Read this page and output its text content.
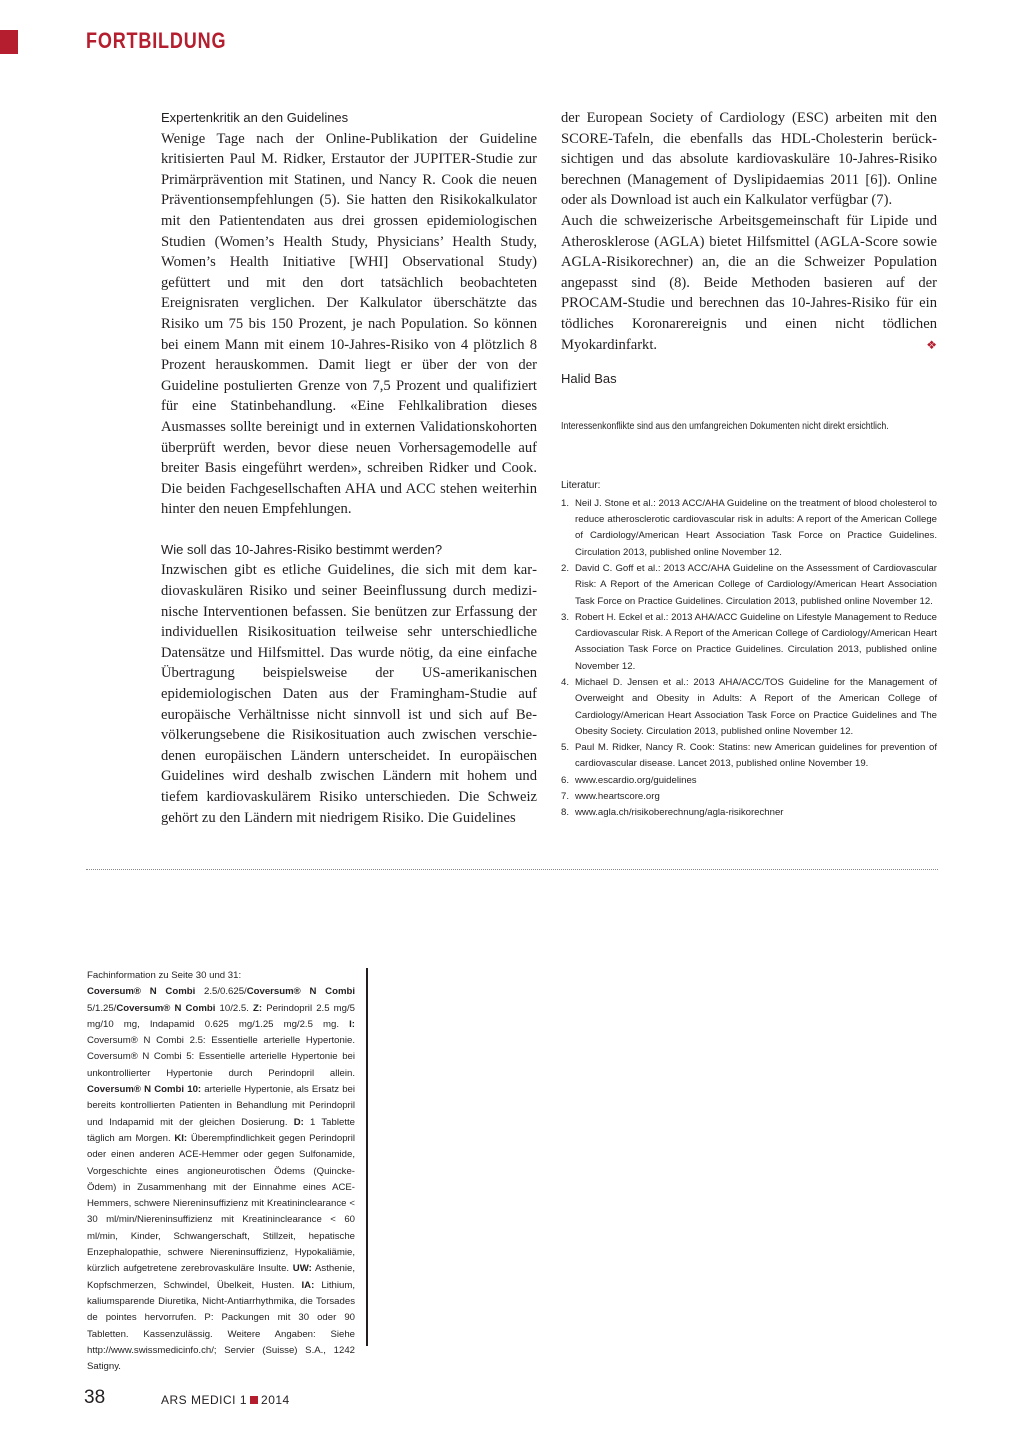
FORTBILDUNG
Expertenkritik an den Guidelines

Wenige Tage nach der Online-Publikation der Guideline kritisierten Paul M. Ridker, Erstautor der JUPITER-Studie zur Primärprävention mit Statinen, und Nancy R. Cook die neuen Präventionsempfehlungen (5). Sie hatten den Risikokalkulator mit den Patientendaten aus drei grossen epidemiologischen Studien (Women’s Health Study, Physicians’ Health Study, Women’s Health Initiative [WHI] Observational Study) gefüttert und mit den dort tatsächlich beobachteten Ereignisraten verglichen. Der Kalkulator überschätzte das Risiko um 75 bis 150 Prozent, je nach Population. So können bei einem Mann mit einem 10-Jahres-Risiko von 4 plötzlich 8 Prozent herauskommen. Damit liegt er über der von der Guideline postulierten Grenze von 7,5 Prozent und qualifiziert für eine Statinbehandlung. «Eine Fehlkalibration dieses Ausmasses sollte bereinigt und in externen Validationskohorten überprüft werden, bevor diese neuen Vorhersagemodelle auf breiter Basis eingeführt werden», schreiben Ridker und Cook. Die beiden Fachgesellschaften AHA und ACC stehen weiterhin hinter den neuen Empfehlungen.

Wie soll das 10-Jahres-Risiko bestimmt werden?

Inzwischen gibt es etliche Guidelines, die sich mit dem kardiovaskulären Risiko und seiner Beeinflussung durch medizinische Interventionen befassen. Sie benützen zur Erfassung der individuellen Risikosituation teilweise sehr unterschiedliche Datensätze und Hilfsmittel. Das wurde nötig, da eine einfache Übertragung beispielsweise der US-amerikanischen epidemiologischen Daten aus der Framingham-Studie auf europäische Verhältnisse nicht sinnvoll ist und sich auf Bevölkerungsebene die Risikosituation auch zwischen verschiedenen europäischen Ländern unterscheidet. In europäischen Guidelines wird deshalb zwischen Ländern mit hohem und tiefem kardiovaskulärem Risiko unterschieden. Die Schweiz gehört zu den Ländern mit niedrigem Risiko. Die Guidelines

der European Society of Cardiology (ESC) arbeiten mit den SCORE-Tafeln, die ebenfalls das HDL-Cholesterin berücksichtigen und das absolute kardiovaskuläre 10-Jahres-Risiko berechnen (Management of Dyslipidaemias 2011 [6]). Online oder als Download ist auch ein Kalkulator verfügbar (7).

Auch die schweizerische Arbeitsgemeinschaft für Lipide und Atherosklerose (AGLA) bietet Hilfsmittel (AGLA-Score sowie AGLA-Risikorechner) an, die an die Schweizer Population angepasst sind (8). Beide Methoden basieren auf der PROCAM-Studie und berechnen das 10-Jahres-Risiko für ein tödliches Koronarereignis und einen nicht tödlichen Myokardinfarkt.	❖

Halid Bas
Interessenkonflikte sind aus den umfangreichen Dokumenten nicht direkt ersichtlich.
Literatur:
1. Neil J. Stone et al.: 2013 ACC/AHA Guideline on the treatment of blood cholesterol to reduce atherosclerotic cardiovascular risk in adults: A report of the American College of Cardiology/American Heart Association Task Force on Practice Guidelines. Circulation 2013, published online November 12.
2. David C. Goff et al.: 2013 ACC/AHA Guideline on the Assessment of Cardiovascular Risk: A Report of the American College of Cardiology/American Heart Association Task Force on Practice Guidelines. Circulation 2013, published online November 12.
3. Robert H. Eckel et al.: 2013 AHA/ACC Guideline on Lifestyle Management to Reduce Cardiovascular Risk. A Report of the American College of Cardiology/American Heart Association Task Force on Practice Guidelines. Circulation 2013, published online November 12.
4. Michael D. Jensen et al.: 2013 AHA/ACC/TOS Guideline for the Management of Overweight and Obesity in Adults: A Report of the American College of Cardiology/American Heart Association Task Force on Practice Guidelines and The Obesity Society. Circulation 2013, published online November 12.
5. Paul M. Ridker, Nancy R. Cook: Statins: new American guidelines for prevention of cardiovascular disease. Lancet 2013, published online November 19.
6. www.escardio.org/guidelines
7. www.heartscore.org
8. www.agla.ch/risikoberechnung/agla-risikorechner
Fachinformation zu Seite 30 und 31:
Coversum® N Combi 2.5/0.625/Coversum® N Combi 5/1.25/Coversum® N Combi 10/2.5. Z: Perindopril 2.5 mg/5 mg/10 mg, Indapamid 0.625 mg/1.25 mg/2.5 mg. I: Coversum® N Combi 2.5: Essentielle arterielle Hypertonie. Coversum® N Combi 5: Essentielle arterielle Hypertonie bei unkontrollierter Hypertonie durch Perindopril allein. Coversum® N Combi 10: arterielle Hypertonie, als Ersatz bei bereits kontrollierten Patienten in Behandlung mit Perindopril und Indapamid mit der gleichen Dosierung. D: 1 Tablette täglich am Morgen. KI: Überempfindlichkeit gegen Perindopril oder einen anderen ACE-Hemmer oder gegen Sulfonamide, Vorgeschichte eines angioneurotischen Ödems (Quincke-Ödem) in Zusammenhang mit der Einnahme eines ACE-Hemmers, schwere Niereninsuffizienz mit Kreatininclearance < 30 ml/min/Niereninsuffizienz mit Kreatininclearance < 60 ml/min, Kinder, Schwangerschaft, Stillzeit, hepatische Enzephalopathie, schwere Niereninsuffizienz, Hypokaliämie, kürzlich aufgetretene zerebrovaskuläre Insulte. UW: Asthenie, Kopfschmerzen, Schwindel, Übelkeit, Husten. IA: Lithium, kaliumsparende Diuretika, Nicht-Antiarrhythmika, die Torsades de pointes hervorrufen. P: Packungen mit 30 oder 90 Tabletten. Kassenzulässig. Weitere Angaben: Siehe http://www.swissmedicinfo.ch/; Servier (Suisse) S.A., 1242 Satigny.
38	ARS MEDICI 1 2014
